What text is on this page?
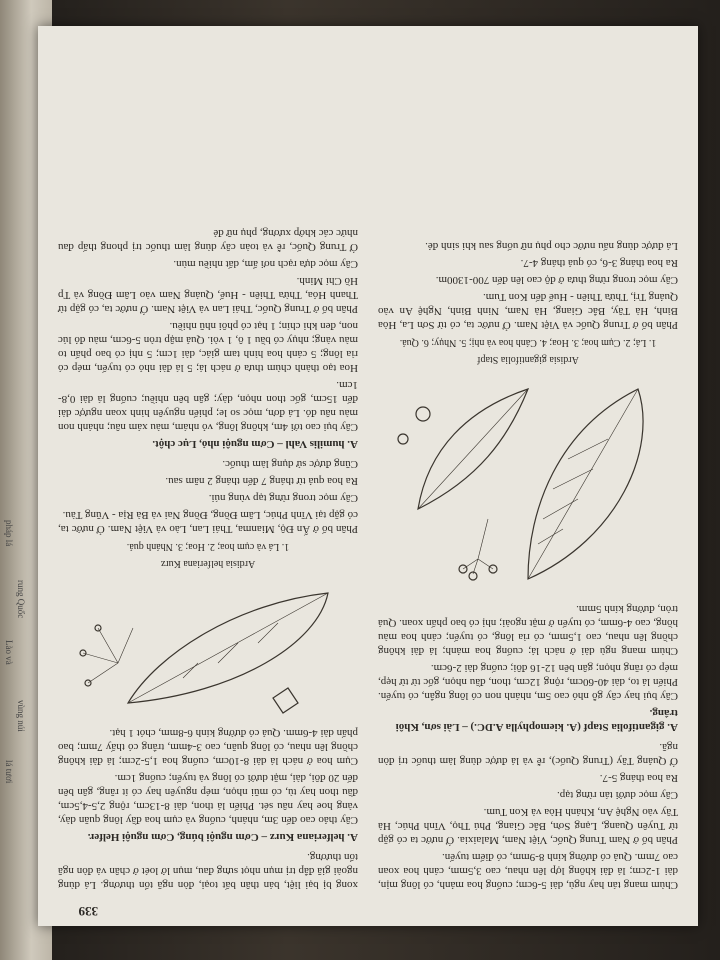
pháp lá
rung Quốc
Lào và
vùng núi
lá tươi
339

Chùm mang tán hay ngù, dài 5-6cm; cuống hoa mảnh, có lông mịn, dài 1-2cm; lá đài không lợp lên nhau, cao 3,5mm, cánh hoa xoan cao 7mm. Quả có đường kính 8-9mm, có điểm tuyến.

Phân bố ở Nam Trung Quốc, Việt Nam, Malaixia. Ở nước ta có gặp từ Tuyên Quang, Lạng Sơn, Bắc Giang, Phú Thọ, Vĩnh Phúc, Hà Tây vào Nghệ An, Khánh Hòa và Kon Tum.

Cây mọc dưới tán rừng tạp.

Ra hoa tháng 5-7.

Ở Quảng Tây (Trung Quốc), rễ và lá được dùng làm thuốc trị đòn ngã.

A. gigantifolia Stapf (A. kiemophylla A.DC.) – Lài sơn, Khôi trắng.

Cây bụi hay cây gỗ nhỏ cao 5m, nhánh non có lông ngắn, có tuyến. Phiến lá to, dài 40-60cm, rộng 12cm, thon, đầu nhọn, gốc từ từ hẹp, mép có răng nhọn; gân bên 12-16 đôi; cuống dài 2-6cm.

Chùm mang ngù dài ở nách lá; cuống hoa mảnh; lá đài không chồng lên nhau, cao 1,5mm, có rìa lông, có tuyến; cánh hoa màu hồng, cao 4-6mm, có tuyến ở mặt ngoài; nhị có bao phấn xoan. Quả tròn, đường kính 5mm.

Ardisia gigantifolia Stapf

1. Lá; 2. Cụm hoa; 3. Hoa; 4. Cánh hoa và nhị; 5. Nhụy; 6. Quả.

Phân bố ở Trung Quốc và Việt Nam. Ở nước ta, có từ Sơn La, Hòa Bình, Hà Tây, Bắc Giang, Hà Nam, Ninh Bình, Nghệ An vào Quảng Trị, Thừa Thiên - Huế đến Kon Tum.

Cây mọc trong rừng thưa ở độ cao lên đến 700-1300m.

Ra hoa tháng 3-6, có quả tháng 4-7.

Lá được dùng nấu nước cho phụ nữ uống sau khi sinh đẻ.

xong bị bại liệt, bán thân bất toại, đòn ngã tổn thương. Lá dùng ngoài giã đắp trị mụn nhọt sưng đau, mụn lở loét ở chân và đòn ngã tổn thương.

A. helferiana Kurz – Cơm nguội búng, Cơm nguội Helfer.

Cây thảo cao đến 3m, nhánh, cuống và cụm hoa đầy lông quăn dày, vàng hoe hay nâu sét. Phiến lá thon, dài 8-13cm, rộng 2,5-4,5cm, đầu thon hay tù, có mũi nhọn, mép nguyên hay có ít răng, gân bên đến 20 đôi, dài, mặt dưới có lông và tuyến; cuống 1cm.

Cụm hoa ở nách lá dài 8-10cm, cuống hoa 1,5-2cm; lá đài không chồng lên nhau, có lông quăn, cao 3-4mm, trắng có thấy 7mm; bao phấn dài 4-6mm. Quả có đường kính 6-8mm, chót 1 hạt.

Ardisia helferiana Kurz

1. Lá và cụm hoa; 2. Hoa; 3. Nhánh quả.

Phân bố ở Ấn Độ, Mianma, Thái Lan, Lào và Việt Nam. Ở nước ta, có gặp tại Vĩnh Phúc, Lâm Đồng, Đồng Nai và Bà Rịa - Vũng Tàu.

Cây mọc trong rừng tạp vùng núi.

Ra hoa quả từ tháng 7 đến tháng 2 năm sau.

Cũng được sử dụng làm thuốc.

A. humilis Vahl – Cơm nguội nhỏ, Lục chột.

Cây bụi cao tới 4m, không lông, vỏ nhám, màu xám nâu; nhánh non màu nâu đỏ. Lá đơn, mọc so le; phiến nguyên hình xoan ngược dài đến 15cm, gốc thon nhọn, dày; gân bên nhiều; cuống lá dài 0,8-1cm.

Hoa tạo thành chùm thưa ở nách lá; 5 lá đài nhỏ có tuyến, mép có rìa lông; 5 cánh hoa hình tam giác, dài 1cm; 5 nhị có bao phấn to màu vàng; nhụy có bầu 1 ô, 1 vòi. Quả mập tròn 5-6cm, màu đỏ lúc non, đen khi chín; 1 hạt có phôi nhũ nhiều.

Phân bố ở Trung Quốc, Thái Lan và Việt Nam. Ở nước ta, có gặp từ Thanh Hóa, Thừa Thiên - Huế, Quảng Nam vào Lâm Đồng và Tp Hồ Chí Minh.

Cây mọc dựa rạch nơi ẩm, dất nhiều mùn.

Ở Trung Quốc, rễ và toàn cây dùng làm thuốc trị phong thấp đau nhức các khớp xương, phụ nữ đẻ
